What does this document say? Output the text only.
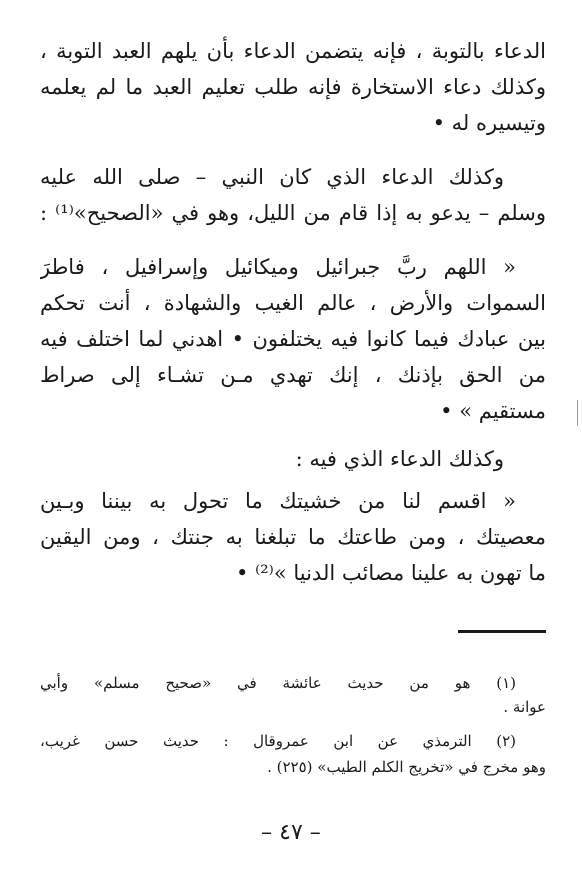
الدعاء بالتوبة ، فإنه يتضمن الدعاء بأن يلهم العبد التوبة ،
وكذلك دعاء الاستخارة فإنه طلب تعليم العبد ما لم يعلمه
وتيسيره له •
وكذلك الدعاء الذي كان النبي – صلى الله عليه
وسلم – يدعو به إذا قام من الليل، وهو في «الصحيح»⁽¹⁾ :
« اللهم ربَّ جبرائيل وميكائيل وإسرافيل ، فاطرَ
السموات والأرض ، عالم الغيب والشهادة ، أنت تحكم
بين عبادك فيما كانوا فيه يختلفون • اهدني لما اختلف فيه
من الحق بإذنك ، إنك تهدي مـن تشـاء إلى صراط
مستقيم » •
وكذلك الدعاء الذي فيه :
« اقسم لنا من خشيتك ما تحول به بيننا وبـين
معصيتك ، ومن طاعتك ما تبلغنا به جنتك ، ومن اليقين
ما تهون به علينا مصائب الدنيا »⁽²⁾ •
(١) هو من حديث عائشة في «صحيح مسلم» وأبي
عوانة .
(٢) الترمذي عن ابن عمروقال : حديث حسن غريب،
وهو مخرج في «تخريج الكلم الطيب» (٢٢٥) .
– ٤٧ –
